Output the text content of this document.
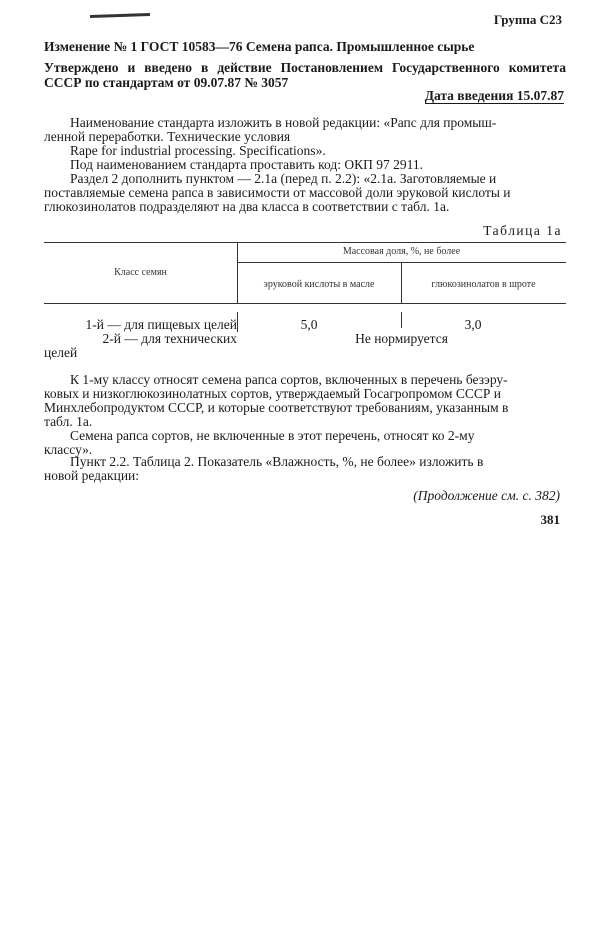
Группа С23
Изменение № 1 ГОСТ 10583—76 Семена рапса. Промышленное сырье
Утверждено и введено в действие Постановлением Государственного комитета СССР по стандартам от 09.07.87 № 3057
Дата введения 15.07.87
Наименование стандарта изложить в новой редакции: «Рапс для промыш-
ленной переработки. Технические условия
Rape for industrial processing. Specifications».
Под наименованием стандарта проставить код: ОКП 97 2911.
Раздел 2 дополнить пунктом — 2.1а (перед п. 2.2): «2.1а. Заготовляемые и
поставляемые семена рапса в зависимости от массовой доли эруковой кислоты и
глюкозинолатов подразделяют на два класса в соответствии с табл. 1а.
Таблица 1а
Класс семян
Массовая доля, %, не более
эруковой кислоты в масле	глюкозинолатов в шроте
1-й — для пищевых целей	5,0	3,0
2-й — для технических
целей
Не нормируется
К 1-му классу относят семена рапса сортов, включенных в перечень безэру-
ковых и низкоглюкозинолатных сортов, утверждаемый Госагропромом СССР и
Минхлебопродуктом СССР, и которые соответствуют требованиям, указанным в
табл. 1а.
Семена рапса сортов, не включенные в этот перечень, относят ко 2-му
классу».
Пункт 2.2. Таблица 2. Показатель «Влажность, %, не более» изложить в
новой редакции:
(Продолжение см. с. 382)
381
